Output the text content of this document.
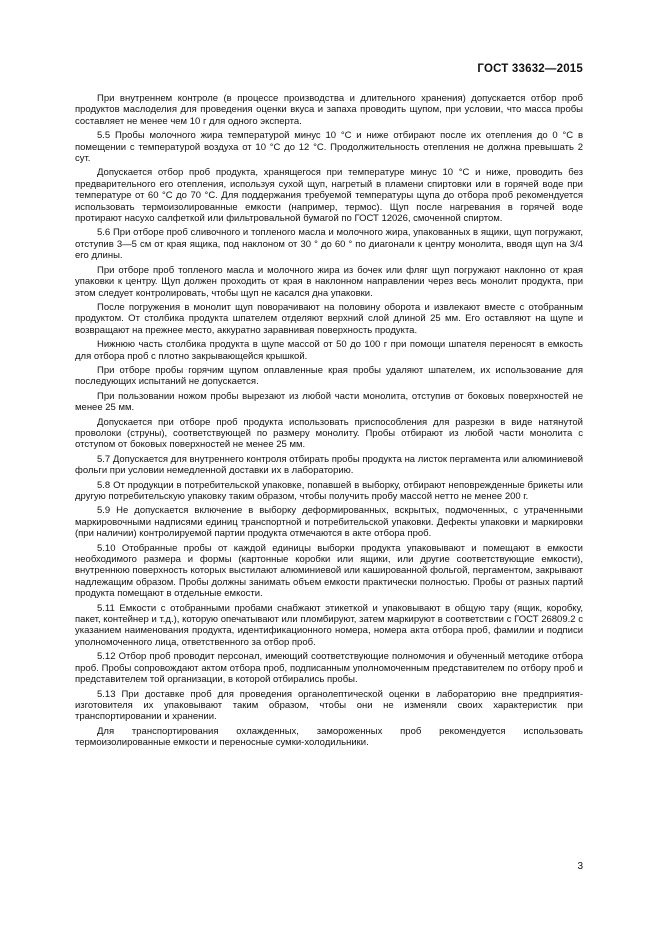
ГОСТ 33632—2015

При внутреннем контроле (в процессе производства и длительного хранения) допускается отбор проб продуктов маслоделия для проведения оценки вкуса и запаха проводить щупом, при условии, что масса пробы составляет не менее чем 10 г для одного эксперта.

5.5 Пробы молочного жира температурой минус 10 °С и ниже отбирают после их отепления до 0 °С в помещении с температурой воздуха от 10 °С до 12 °С. Продолжительность отепления не должна превышать 2 сут.

Допускается отбор проб продукта, хранящегося при температуре минус 10 °С и ниже, проводить без предварительного его отепления, используя сухой щуп, нагретый в пламени спиртовки или в горячей воде при температуре от 60 °С до 70 °С. Для поддержания требуемой температуры щупа до отбора проб рекомендуется использовать термоизолированные емкости (например, термос). Щуп после нагревания в горячей воде протирают насухо салфеткой или фильтровальной бумагой по ГОСТ 12026, смоченной спиртом.

5.6 При отборе проб сливочного и топленого масла и молочного жира, упакованных в ящики, щуп погружают, отступив 3—5 см от края ящика, под наклоном от 30 ° до 60 ° по диагонали к центру монолита, вводя щуп на 3/4 его длины.

При отборе проб топленого масла и молочного жира из бочек или фляг щуп погружают наклонно от края упаковки к центру. Щуп должен проходить от края в наклонном направлении через весь монолит продукта, при этом следует контролировать, чтобы щуп не касался дна упаковки.

После погружения в монолит щуп поворачивают на половину оборота и извлекают вместе с отобранным продуктом. От столбика продукта шпателем отделяют верхний слой длиной 25 мм. Его оставляют на щупе и возвращают на прежнее место, аккуратно заравнивая поверхность продукта.

Нижнюю часть столбика продукта в щупе массой от 50 до 100 г при помощи шпателя переносят в емкость для отбора проб с плотно закрывающейся крышкой.

При отборе пробы горячим щупом оплавленные края пробы удаляют шпателем, их использование для последующих испытаний не допускается.

При пользовании ножом пробы вырезают из любой части монолита, отступив от боковых поверхностей не менее 25 мм.

Допускается при отборе проб продукта использовать приспособления для разрезки в виде натянутой проволоки (струны), соответствующей по размеру монолиту. Пробы отбирают из любой части монолита с отступом от боковых поверхностей не менее 25 мм.

5.7 Допускается для внутреннего контроля отбирать пробы продукта на листок пергамента или алюминиевой фольги при условии немедленной доставки их в лабораторию.

5.8 От продукции в потребительской упаковке, попавшей в выборку, отбирают неповрежденные брикеты или другую потребительскую упаковку таким образом, чтобы получить пробу массой нетто не менее 200 г.

5.9 Не допускается включение в выборку деформированных, вскрытых, подмоченных, с утраченными маркировочными надписями единиц транспортной и потребительской упаковки. Дефекты упаковки и маркировки (при наличии) контролируемой партии продукта отмечаются в акте отбора проб.

5.10 Отобранные пробы от каждой единицы выборки продукта упаковывают и помещают в емкости необходимого размера и формы (картонные коробки или ящики, или другие соответствующие емкости), внутреннюю поверхность которых выстилают алюминиевой или кашированной фольгой, пергаментом, закрывают надлежащим образом. Пробы должны занимать объем емкости практически полностью. Пробы от разных партий продукта помещают в отдельные емкости.

5.11 Емкости с отобранными пробами снабжают этикеткой и упаковывают в общую тару (ящик, коробку, пакет, контейнер и т.д.), которую опечатывают или пломбируют, затем маркируют в соответствии с ГОСТ 26809.2 с указанием наименования продукта, идентификационного номера, номера акта отбора проб, фамилии и подписи уполномоченного лица, ответственного за отбор проб.

5.12 Отбор проб проводит персонал, имеющий соответствующие полномочия и обученный методике отбора проб. Пробы сопровождают актом отбора проб, подписанным уполномоченным представителем по отбору проб и представителем той организации, в которой отбирались пробы.

5.13 При доставке проб для проведения органолептической оценки в лабораторию вне предприятия-изготовителя их упаковывают таким образом, чтобы они не изменяли своих характеристик при транспортировании и хранении.

Для транспортирования охлажденных, замороженных проб рекомендуется использовать термоизолированные емкости и переносные сумки-холодильники.

3
